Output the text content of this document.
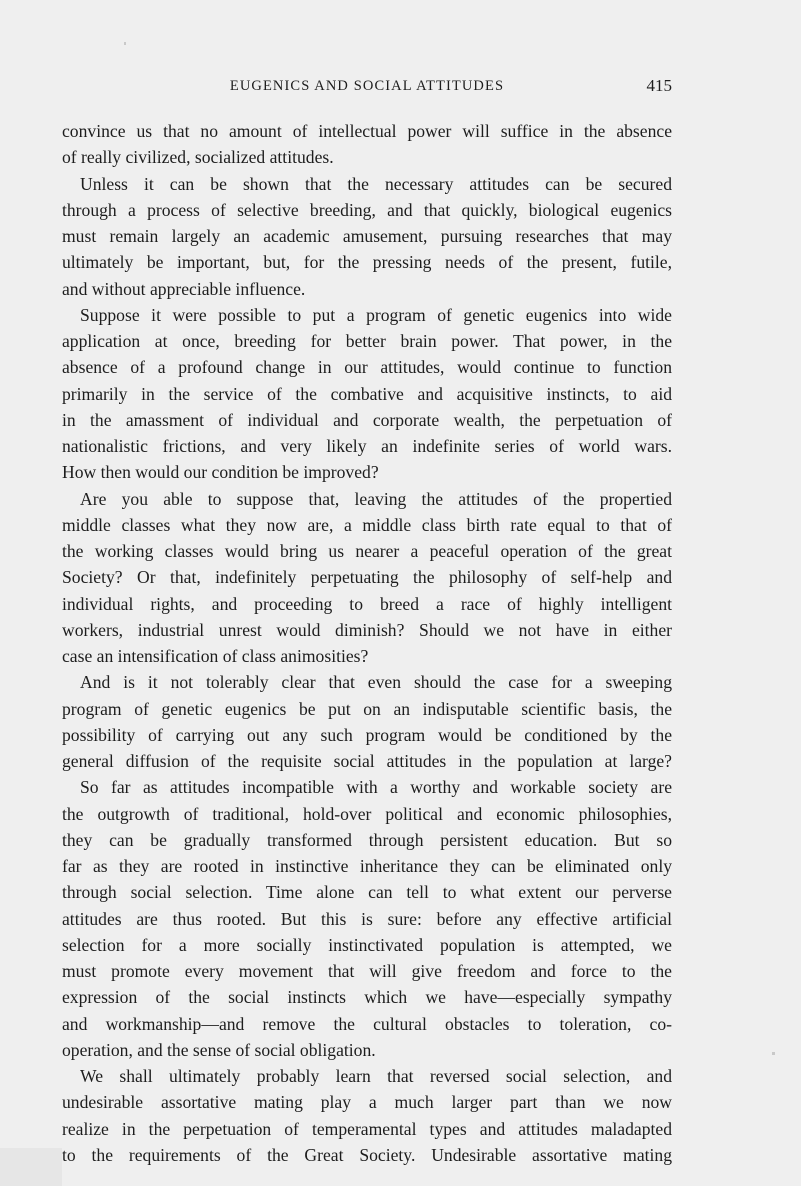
EUGENICS AND SOCIAL ATTITUDES	415
convince us that no amount of intellectual power will suffice in the absence
of really civilized, socialized attitudes.
Unless it can be shown that the necessary attitudes can be secured
through a process of selective breeding, and that quickly, biological eugenics
must remain largely an academic amusement, pursuing researches that may
ultimately be important, but, for the pressing needs of the present, futile,
and without appreciable influence.
Suppose it were possible to put a program of genetic eugenics into wide
application at once, breeding for better brain power. That power, in the
absence of a profound change in our attitudes, would continue to function
primarily in the service of the combative and acquisitive instincts, to aid
in the amassment of individual and corporate wealth, the perpetuation of
nationalistic frictions, and very likely an indefinite series of world wars.
How then would our condition be improved?
Are you able to suppose that, leaving the attitudes of the propertied
middle classes what they now are, a middle class birth rate equal to that of
the working classes would bring us nearer a peaceful operation of the great
Society? Or that, indefinitely perpetuating the philosophy of self-help and
individual rights, and proceeding to breed a race of highly intelligent
workers, industrial unrest would diminish? Should we not have in either
case an intensification of class animosities?
And is it not tolerably clear that even should the case for a sweeping
program of genetic eugenics be put on an indisputable scientific basis, the
possibility of carrying out any such program would be conditioned by the
general diffusion of the requisite social attitudes in the population at large?
So far as attitudes incompatible with a worthy and workable society are
the outgrowth of traditional, hold-over political and economic philosophies,
they can be gradually transformed through persistent education. But so
far as they are rooted in instinctive inheritance they can be eliminated only
through social selection. Time alone can tell to what extent our perverse
attitudes are thus rooted. But this is sure: before any effective artificial
selection for a more socially instinctivated population is attempted, we
must promote every movement that will give freedom and force to the
expression of the social instincts which we have—especially sympathy
and workmanship—and remove the cultural obstacles to toleration, co-
operation, and the sense of social obligation.
We shall ultimately probably learn that reversed social selection, and
undesirable assortative mating play a much larger part than we now
realize in the perpetuation of temperamental types and attitudes maladapted
to the requirements of the Great Society. Undesirable assortative mating
